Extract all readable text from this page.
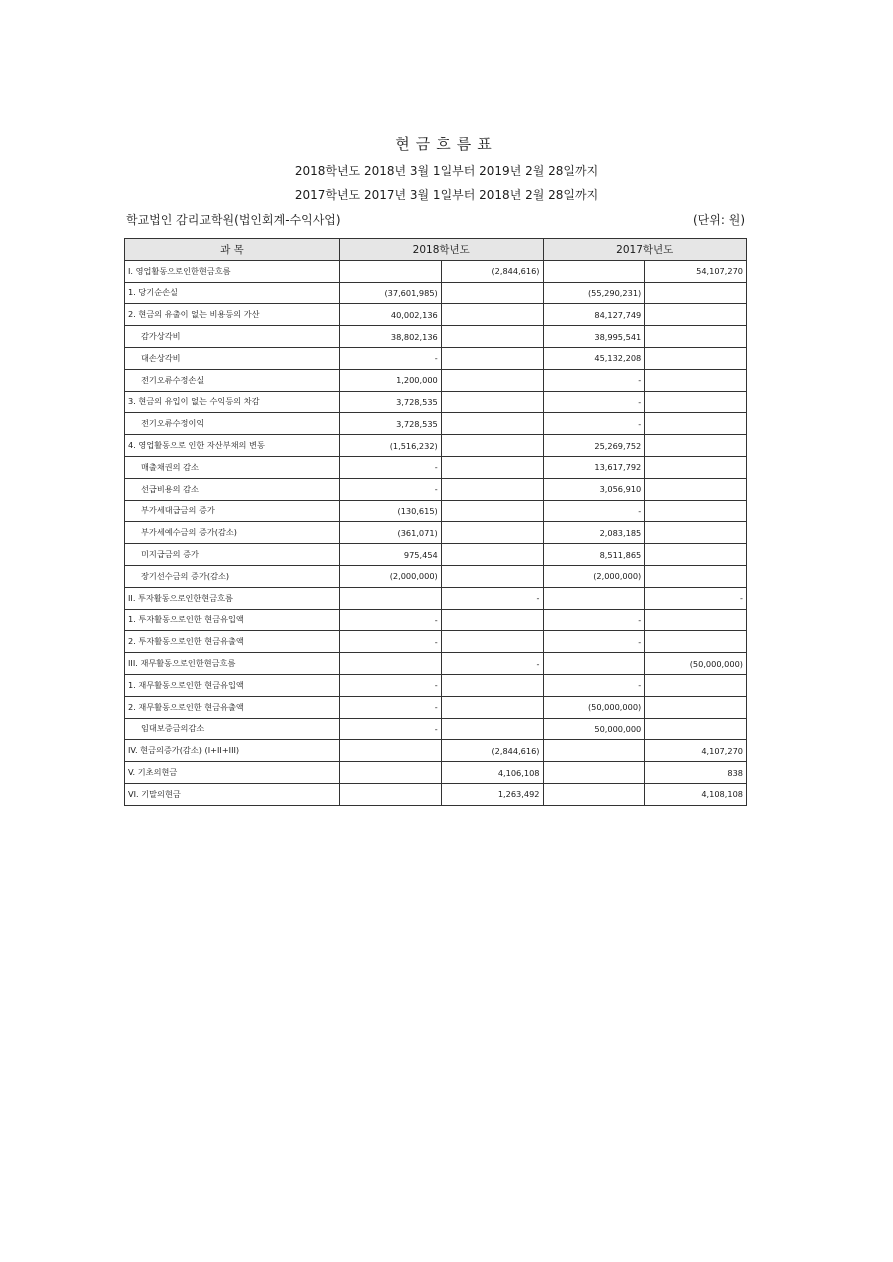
현금흐름표
2018학년도 2018년 3월 1일부터 2019년 2월 28일까지
2017학년도 2017년 3월 1일부터 2018년 2월 28일까지
학교법인 감리교학원(법인회계-수익사업)	(단위: 원)
과 목	2018학년도		2017학년도	
I. 영업활동으로인한현금흐름		(2,844,616)		54,107,270
1. 당기순손실	(37,601,985)		(55,290,231)	
2. 현금의 유출이 없는 비용등의 가산	40,002,136		84,127,749	
감가상각비	38,802,136		38,995,541	
대손상각비	-		45,132,208	
전기오류수정손실	1,200,000		-	
3. 현금의 유입이 없는 수익등의 차감	3,728,535		-	
전기오류수정이익	3,728,535		-	
4. 영업활동으로 인한 자산부채의 변동	(1,516,232)		25,269,752	
매출채권의 감소	-		13,617,792	
선급비용의 감소	-		3,056,910	
부가세대급금의 증가	(130,615)		-	
부가세예수금의 증가(감소)	(361,071)		2,083,185	
미지급금의 증가	975,454		8,511,865	
장기선수금의 증가(감소)	(2,000,000)		(2,000,000)	
II. 투자활동으로인한현금흐름		-		-
1. 투자활동으로인한 현금유입액	-		-	
2. 투자활동으로인한 현금유출액	-		-	
III. 재무활동으로인한현금흐름		-		(50,000,000)
1. 재무활동으로인한 현금유입액	-		-	
2. 재무활동으로인한 현금유출액	-		(50,000,000)	
임대보증금의감소	-		50,000,000	
IV. 현금의증가(감소) (I+II+III)		(2,844,616)		4,107,270
V. 기초의현금		4,106,108		838
VI. 기말의현금		1,263,492		4,108,108
